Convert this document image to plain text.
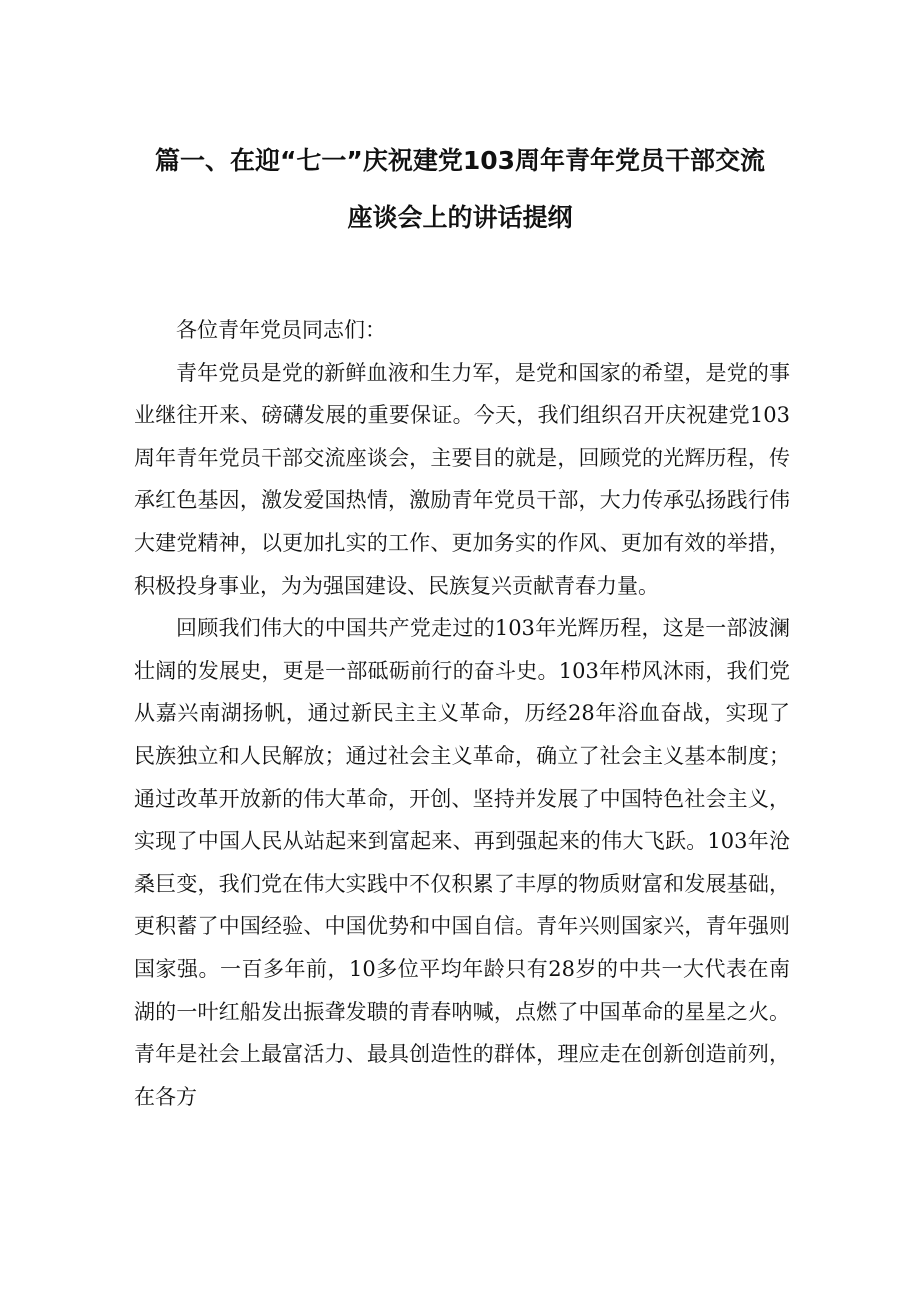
篇一、在迎“七一”庆祝建党103周年青年党员干部交流
座谈会上的讲话提纲

各位青年党员同志们：

青年党员是党的新鲜血液和生力军，是党和国家的希望，是党的事业继往开来、磅礴发展的重要保证。今天，我们组织召开庆祝建党103周年青年党员干部交流座谈会，主要目的就是，回顾党的光辉历程，传承红色基因，激发爱国热情，激励青年党员干部，大力传承弘扬践行伟大建党精神，以更加扎实的工作、更加务实的作风、更加有效的举措，积极投身事业，为为强国建设、民族复兴贡献青春力量。

回顾我们伟大的中国共产党走过的103年光辉历程，这是一部波澜壮阔的发展史，更是一部砥砺前行的奋斗史。103年栉风沐雨，我们党从嘉兴南湖扬帆，通过新民主主义革命，历经28年浴血奋战，实现了民族独立和人民解放；通过社会主义革命，确立了社会主义基本制度；通过改革开放新的伟大革命，开创、坚持并发展了中国特色社会主义，实现了中国人民从站起来到富起来、再到强起来的伟大飞跃。103年沧桑巨变，我们党在伟大实践中不仅积累了丰厚的物质财富和发展基础，更积蓄了中国经验、中国优势和中国自信。青年兴则国家兴，青年强则国家强。一百多年前，10多位平均年龄只有28岁的中共一大代表在南湖的一叶红船发出振聋发聩的青春呐喊，点燃了中国革命的星星之火。青年是社会上最富活力、最具创造性的群体，理应走在创新创造前列，在各方
